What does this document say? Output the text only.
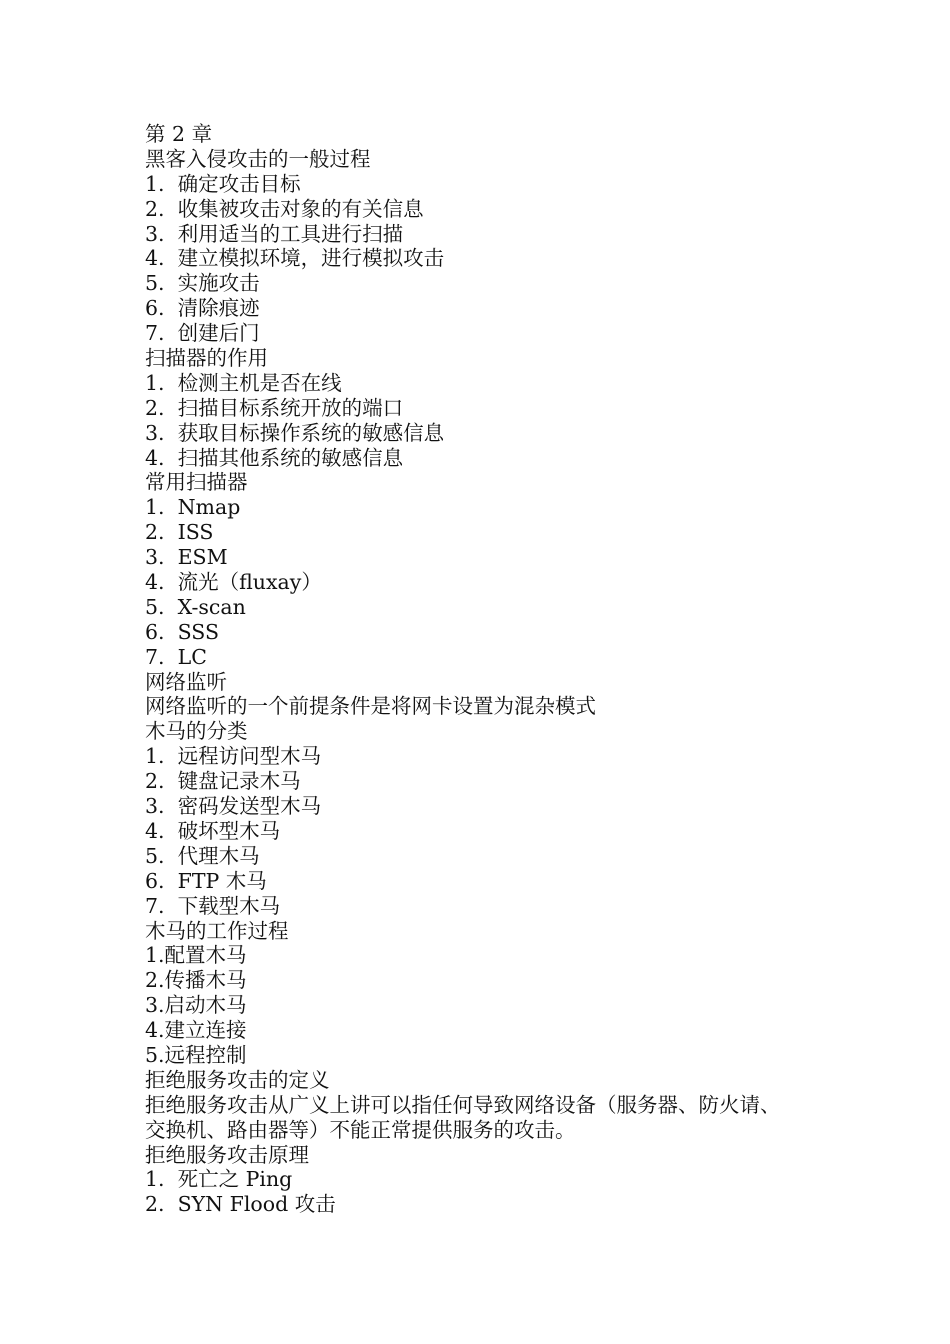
第 2 章
黑客入侵攻击的一般过程
1.  确定攻击目标
2.  收集被攻击对象的有关信息
3.  利用适当的工具进行扫描
4.  建立模拟环境，进行模拟攻击
5.  实施攻击
6.  清除痕迹
7.  创建后门
扫描器的作用
1.  检测主机是否在线
2.  扫描目标系统开放的端口
3.  获取目标操作系统的敏感信息
4.  扫描其他系统的敏感信息
常用扫描器
1.  Nmap
2.  ISS
3.  ESM
4.  流光（fluxay）
5.  X-scan
6.  SSS
7.  LC
网络监听
网络监听的一个前提条件是将网卡设置为混杂模式
木马的分类
1.  远程访问型木马
2.  键盘记录木马
3.  密码发送型木马
4.  破坏型木马
5.  代理木马
6.  FTP 木马
7.  下载型木马
木马的工作过程
1.配置木马
2.传播木马
3.启动木马
4.建立连接
5.远程控制
拒绝服务攻击的定义
拒绝服务攻击从广义上讲可以指任何导致网络设备（服务器、防火请、
交换机、路由器等）不能正常提供服务的攻击。
拒绝服务攻击原理
1.  死亡之 Ping
2.  SYN Flood 攻击
